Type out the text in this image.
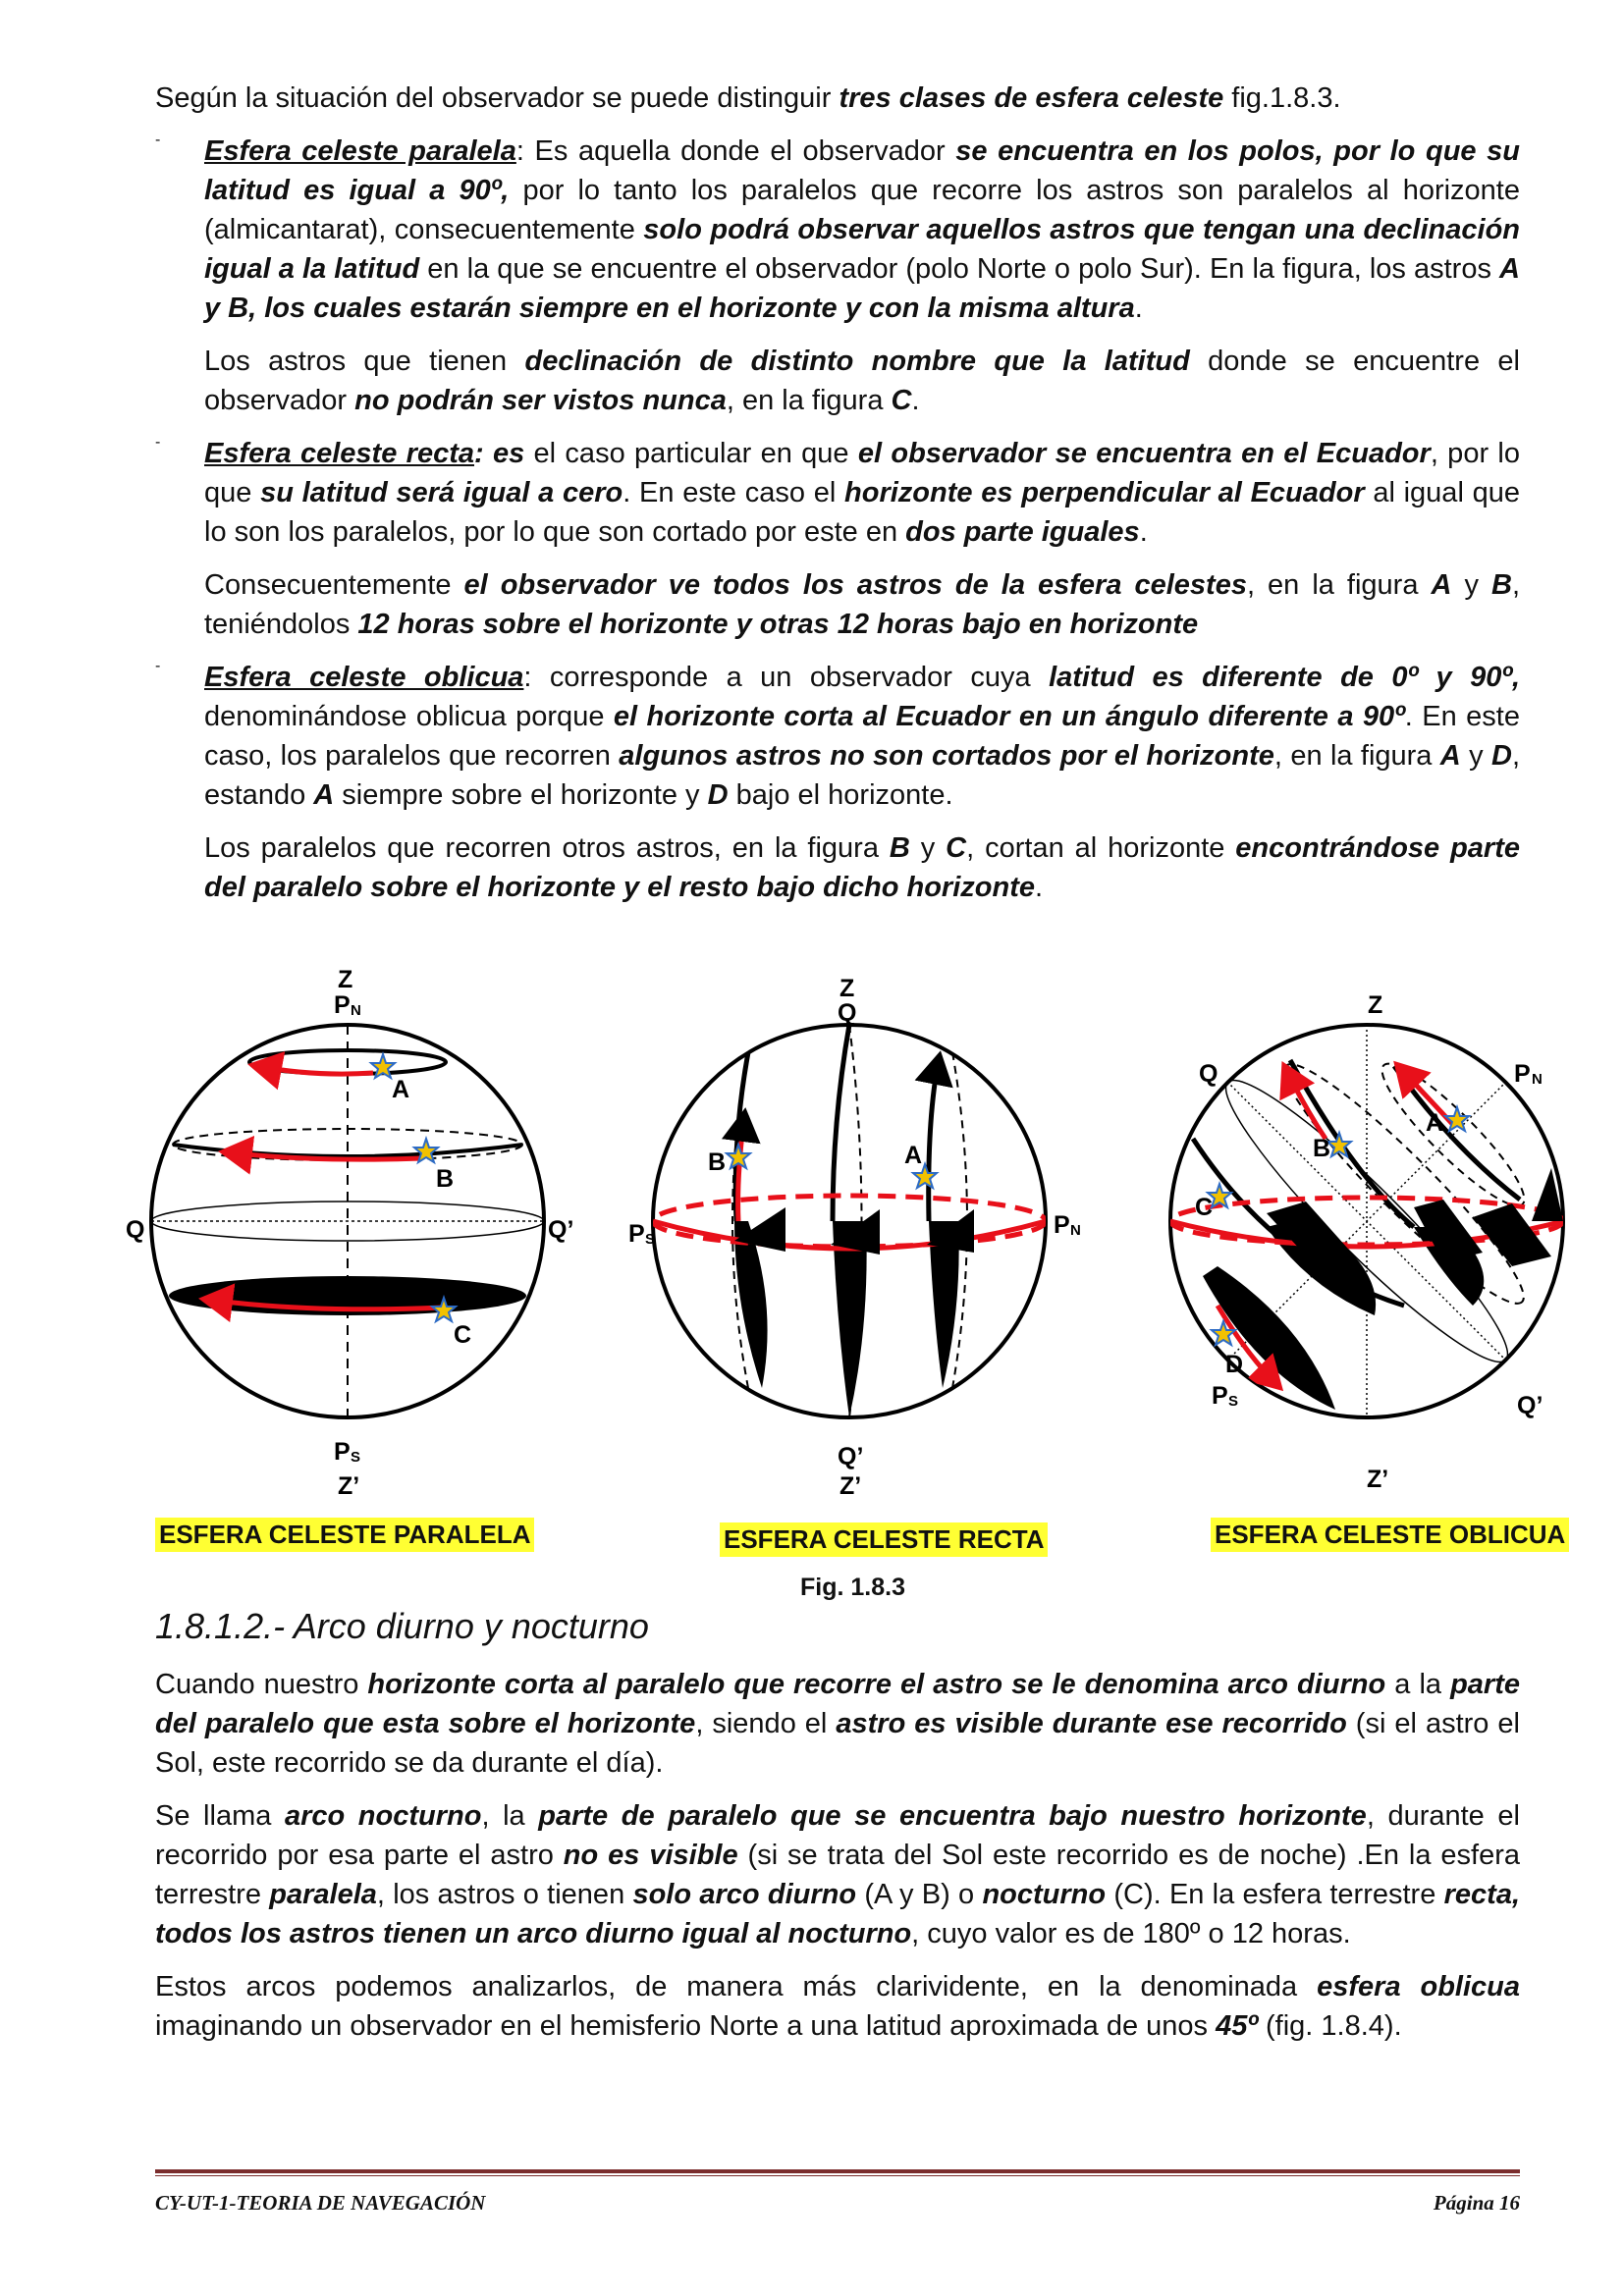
Según la situación del observador se puede distinguir tres clases de esfera celeste fig.1.8.3.

- Esfera celeste paralela: Es aquella donde el observador se encuentra en los polos, por lo que su latitud es igual a 90º, por lo tanto los paralelos que recorre los astros son paralelos al horizonte (almicantarat), consecuentemente solo podrá observar aquellos astros que tengan una declinación igual a la latitud en la que se encuentre el observador (polo Norte o polo Sur). En la figura, los astros A y B, los cuales estarán siempre en el horizonte y con la misma altura.

Los astros que tienen declinación de distinto nombre que la latitud donde se encuentre el observador no podrán ser vistos nunca, en la figura C.

- Esfera celeste recta: es el caso particular en que el observador se encuentra en el Ecuador, por lo que su latitud será igual a cero. En este caso el horizonte es perpendicular al Ecuador al igual que lo son los paralelos, por lo que son cortado por este en dos parte iguales.

Consecuentemente el observador ve todos los astros de la esfera celestes, en la figura A y B, teniéndolos 12 horas sobre el horizonte y otras 12 horas bajo en horizonte

- Esfera celeste oblicua: corresponde a un observador cuya latitud es diferente de 0º y 90º, denominándose oblicua porque el horizonte corta al Ecuador en un ángulo diferente a 90º. En este caso, los paralelos que recorren algunos astros no son cortados por el horizonte, en la figura A y D, estando A siempre sobre el horizonte y D bajo el horizonte.

Los paralelos que recorren otros astros, en la figura B y C, cortan al horizonte encontrándose parte del paralelo sobre el horizonte y el resto bajo dicho horizonte.

Z
P N
A
B
Q	Q’
C
P S
Z’
Z
Q
B	A
P S
P N
Q’
Z’
Z
Q	P N
A
B
C
D
P S	Q’
Z’
ESFERA CELESTE PARALELA	ESFERA CELESTE RECTA	ESFERA CELESTE OBLICUA
Fig. 1.8.3
1.8.1.2.- Arco diurno y nocturno

Cuando nuestro horizonte corta al paralelo que recorre el astro se le denomina arco diurno a la parte del paralelo que esta sobre el horizonte, siendo el astro es visible durante ese recorrido (si el astro el Sol, este recorrido se da durante el día).

Se llama arco nocturno, la parte de paralelo que se encuentra bajo nuestro horizonte, durante el recorrido por esa parte el astro no es visible (si se trata del Sol este recorrido es de noche) .En la esfera terrestre paralela, los astros o tienen solo arco diurno (A y B) o nocturno (C). En la esfera terrestre recta, todos los astros tienen un arco diurno igual al nocturno, cuyo valor es de 180º o 12 horas.

Estos arcos podemos analizarlos, de manera más clarividente, en la denominada esfera oblicua imaginando un observador en el hemisferio Norte a una latitud aproximada de unos 45º (fig. 1.8.4).

CY-UT-1-TEORIA DE NAVEGACIÓN	Página 16
